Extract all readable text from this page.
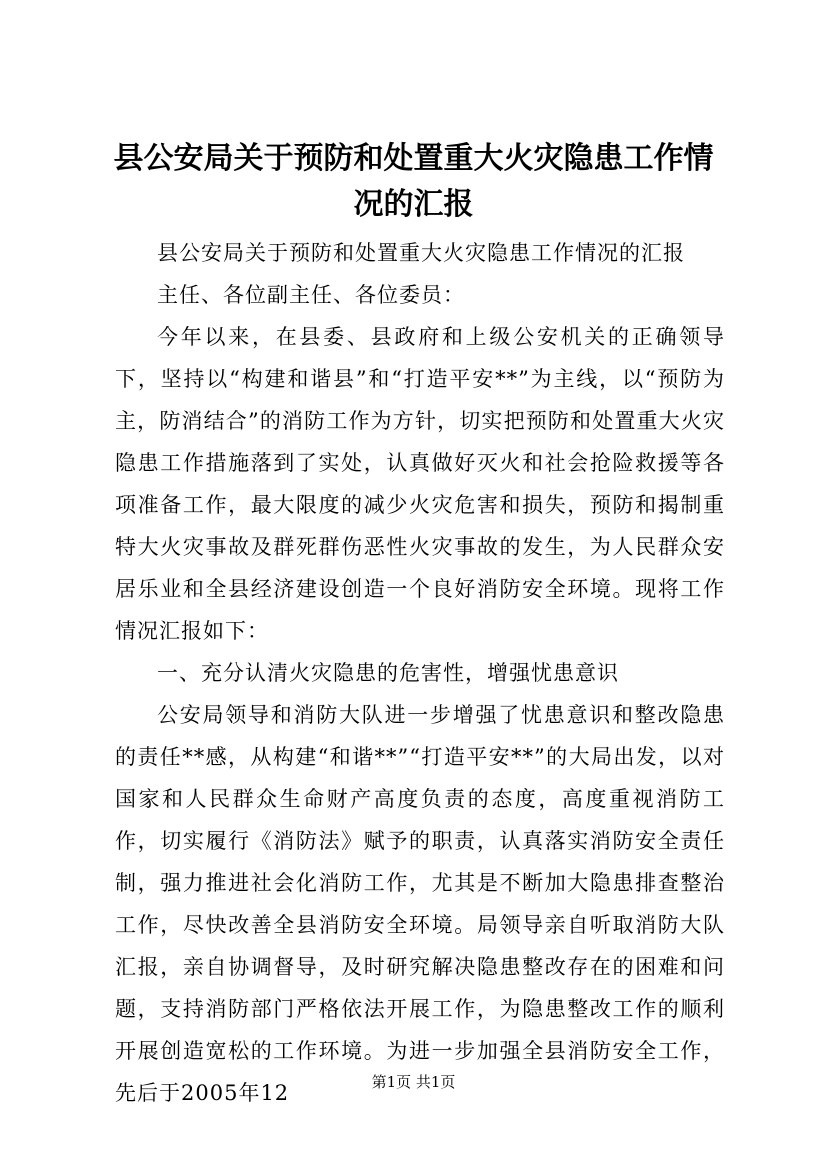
县公安局关于预防和处置重大火灾隐患工作情况的汇报

县公安局关于预防和处置重大火灾隐患工作情况的汇报

主任、各位副主任、各位委员：

今年以来，在县委、县政府和上级公安机关的正确领导下，坚持以“构建和谐县”和“打造平安**”为主线，以“预防为主，防消结合”的消防工作为方针，切实把预防和处置重大火灾隐患工作措施落到了实处，认真做好灭火和社会抢险救援等各项准备工作，最大限度的减少火灾危害和损失，预防和揭制重特大火灾事故及群死群伤恶性火灾事故的发生，为人民群众安居乐业和全县经济建设创造一个良好消防安全环境。现将工作情况汇报如下：

一、充分认清火灾隐患的危害性，增强忧患意识

公安局领导和消防大队进一步增强了忧患意识和整改隐患的责任**感，从构建“和谐**”“打造平安**”的大局出发，以对国家和人民群众生命财产高度负责的态度，高度重视消防工作，切实履行《消防法》赋予的职责，认真落实消防安全责任制，强力推进社会化消防工作，尤其是不断加大隐患排查整治工作，尽快改善全县消防安全环境。局领导亲自听取消防大队汇报，亲自协调督导，及时研究解决隐患整改存在的困难和问题，支持消防部门严格依法开展工作，为隐患整改工作的顺利开展创造宽松的工作环境。为进一步加强全县消防安全工作，先后于2005年12	第1页 共1页
